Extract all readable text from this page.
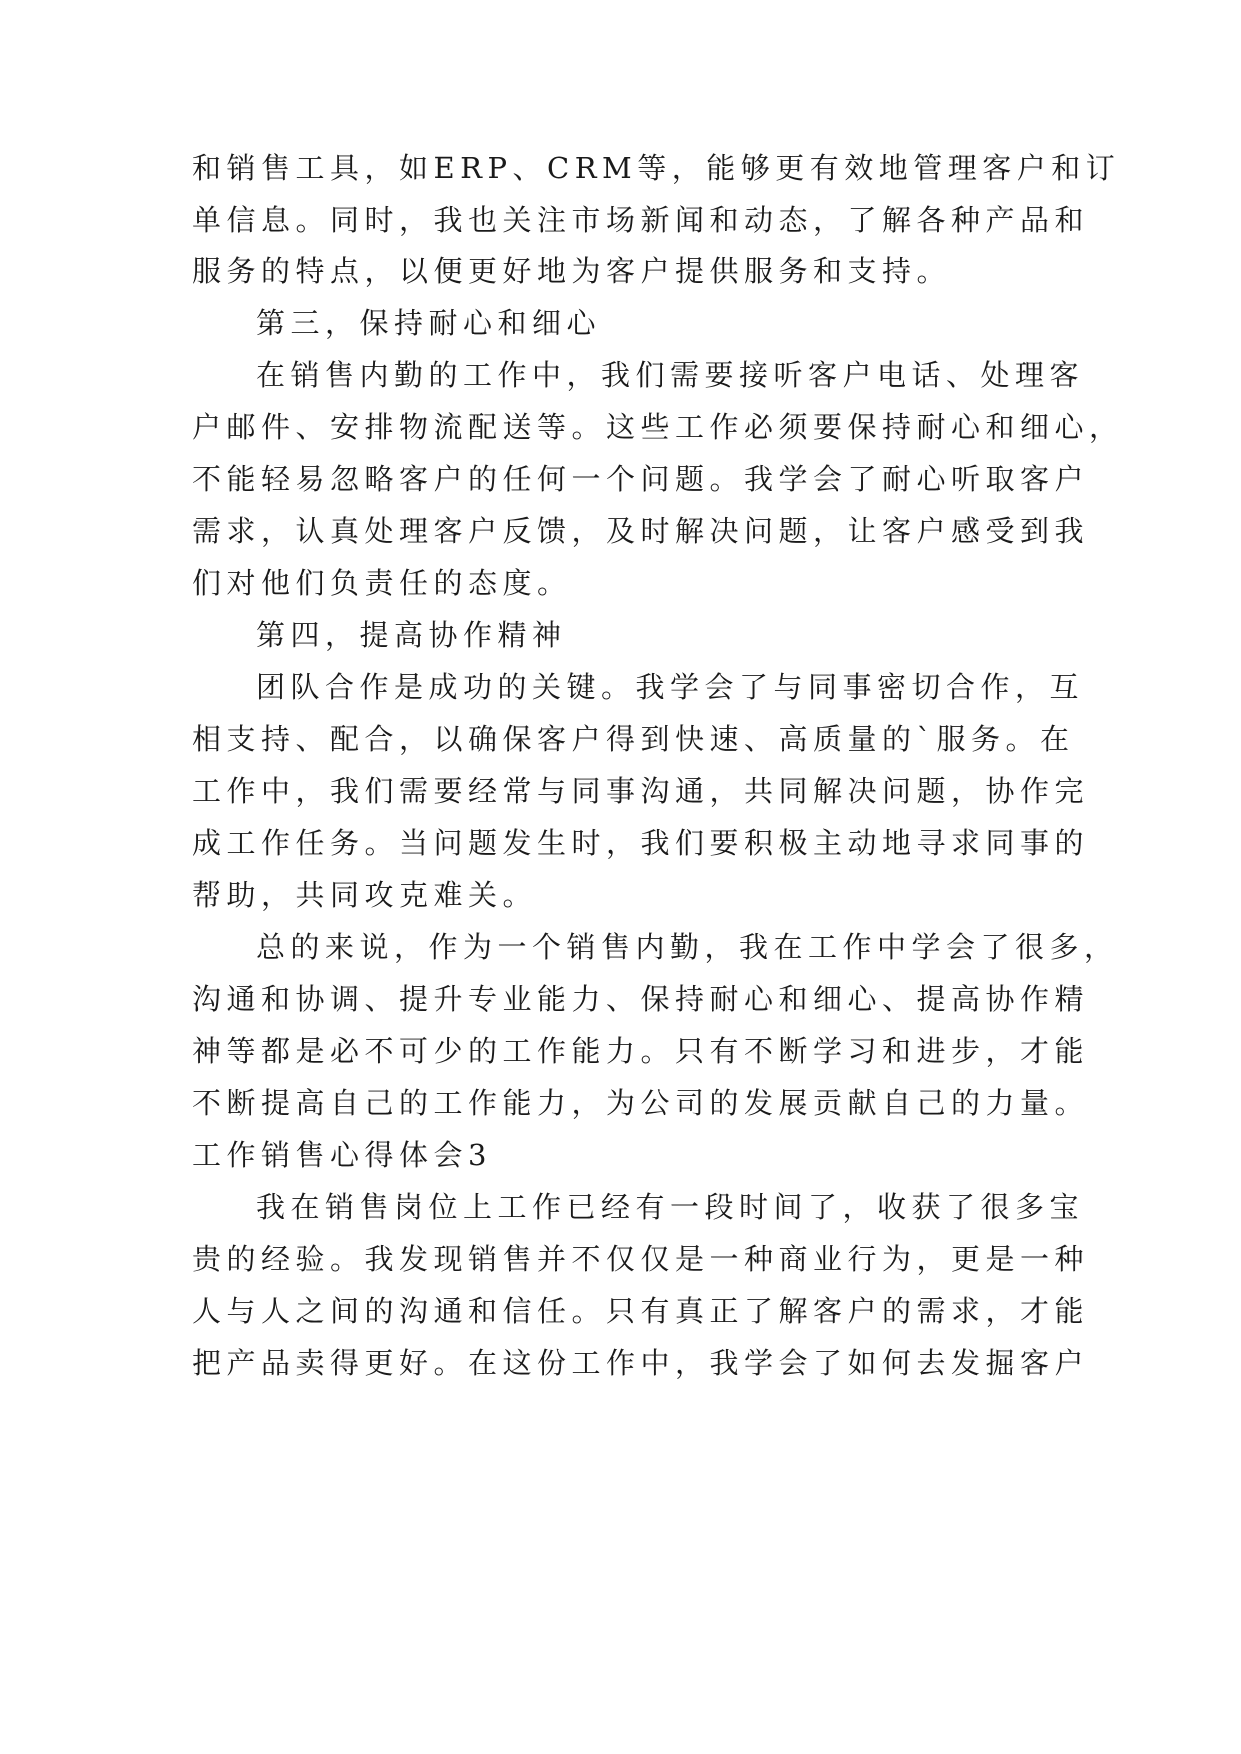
和销售工具，如ERP、CRM等，能够更有效地管理客户和订
单信息。同时，我也关注市场新闻和动态，了解各种产品和
服务的特点，以便更好地为客户提供服务和支持。
第三，保持耐心和细心
在销售内勤的工作中，我们需要接听客户电话、处理客
户邮件、安排物流配送等。这些工作必须要保持耐心和细心，
不能轻易忽略客户的任何一个问题。我学会了耐心听取客户
需求，认真处理客户反馈，及时解决问题，让客户感受到我
们对他们负责任的态度。
第四，提高协作精神
团队合作是成功的关键。我学会了与同事密切合作，互
相支持、配合，以确保客户得到快速、高质量的`服务。在
工作中，我们需要经常与同事沟通，共同解决问题，协作完
成工作任务。当问题发生时，我们要积极主动地寻求同事的
帮助，共同攻克难关。
总的来说，作为一个销售内勤，我在工作中学会了很多，
沟通和协调、提升专业能力、保持耐心和细心、提高协作精
神等都是必不可少的工作能力。只有不断学习和进步，才能
不断提高自己的工作能力，为公司的发展贡献自己的力量。
工作销售心得体会3
我在销售岗位上工作已经有一段时间了，收获了很多宝
贵的经验。我发现销售并不仅仅是一种商业行为，更是一种
人与人之间的沟通和信任。只有真正了解客户的需求，才能
把产品卖得更好。在这份工作中，我学会了如何去发掘客户
